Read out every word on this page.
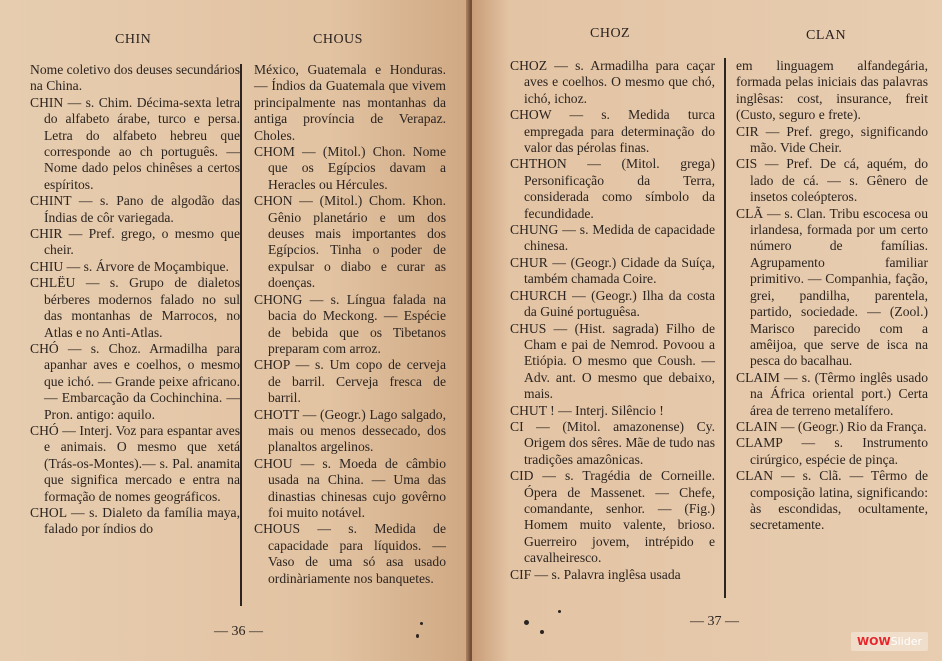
CHIN	CHOUS

Nome coletivo dos deuses secundários na China.

CHIN — s. Chim. Décima-sexta letra do alfabeto árabe, turco e persa. Letra do alfabeto hebreu que corresponde ao ch português. — Nome dado pelos chinêses a certos espíritos.

CHINT — s. Pano de algodão das Índias de côr variegada.

CHIR — Pref. grego, o mesmo que cheir.

CHIU — s. Árvore de Moçambique.

CHLËU — s. Grupo de dialetos bérberes modernos falado no sul das montanhas de Marrocos, no Atlas e no Anti-Atlas.

CHÓ — s. Choz. Armadilha para apanhar aves e coelhos, o mesmo que ichó. — Grande peixe africano. — Embarcação da Cochinchina. — Pron. antigo: aquilo.

CHÓ — Interj. Voz para espantar aves e animais. O mesmo que xetá (Trás-os-Montes).— s. Pal. anamita que significa mercado e entra na formação de nomes geográficos.

CHOL — s. Dialeto da família maya, falado por índios do

México, Guatemala e Honduras. — Índios da Guatemala que vivem principalmente nas montanhas da antiga província de Verapaz. Choles.

CHOM — (Mitol.) Chon. Nome que os Egípcios davam a Heracles ou Hércules.

CHON — (Mitol.) Chom. Khon. Gênio planetário e um dos deuses mais importantes dos Egípcios. Tinha o poder de expulsar o diabo e curar as doenças.

CHONG — s. Língua falada na bacia do Meckong. — Espécie de bebida que os Tibetanos preparam com arroz.

CHOP — s. Um copo de cerveja de barril. Cerveja fresca de barril.

CHOTT — (Geogr.) Lago salgado, mais ou menos dessecado, dos planaltos argelinos.

CHOU — s. Moeda de câmbio usada na China. — Uma das dinastias chinesas cujo govêrno foi muito notável.

CHOUS — s. Medida de capacidade para líquidos. — Vaso de uma só asa usado ordinàriamente nos banquetes.

— 36 —
CHOZ	CLAN

CHOZ — s. Armadilha para caçar aves e coelhos. O mesmo que chó, ichó, ichoz.

CHOW — s. Medida turca empregada para determinação do valor das pérolas finas.

CHTHON — (Mitol. grega) Personificação da Terra, considerada como símbolo da fecundidade.

CHUNG — s. Medida de capacidade chinesa.

CHUR — (Geogr.) Cidade da Suíça, também chamada Coire.

CHURCH — (Geogr.) Ilha da costa da Guiné portuguêsa.

CHUS — (Hist. sagrada) Filho de Cham e pai de Nemrod. Povoou a Etiópia. O mesmo que Coush. — Adv. ant. O mesmo que debaixo, mais.

CHUT ! — Interj. Silêncio !

CI — (Mitol. amazonense) Cy. Origem dos sêres. Mãe de tudo nas tradições amazônicas.

CID — s. Tragédia de Corneille. Ópera de Massenet. — Chefe, comandante, senhor. — (Fig.) Homem muito valente, brioso. Guerreiro jovem, intrépido e cavalheiresco.

CIF — s. Palavra inglêsa usada

em linguagem alfandegária, formada pelas iniciais das palavras inglêsas: cost, insurance, freit (Custo, seguro e frete).

CIR — Pref. grego, significando mão. Vide Cheir.

CIS — Pref. De cá, aquém, do lado de cá. — s. Gênero de insetos coleópteros.

CLÃ — s. Clan. Tribu escocesa ou irlandesa, formada por um certo número de famílias. Agrupamento familiar primitivo. — Companhia, fação, grei, pandilha, parentela, partido, sociedade. — (Zool.) Marisco parecido com a amêijoa, que serve de isca na pesca do bacalhau.

CLAIM — s. (Têrmo inglês usado na África oriental port.) Certa área de terreno metalífero.

CLAIN — (Geogr.) Rio da França.

CLAMP — s. Instrumento cirúrgico, espécie de pinça.

CLAN — s. Clã. — Têrmo de composição latina, significando: às escondidas, ocultamente, secretamente.

— 37 —
WOWSlider
